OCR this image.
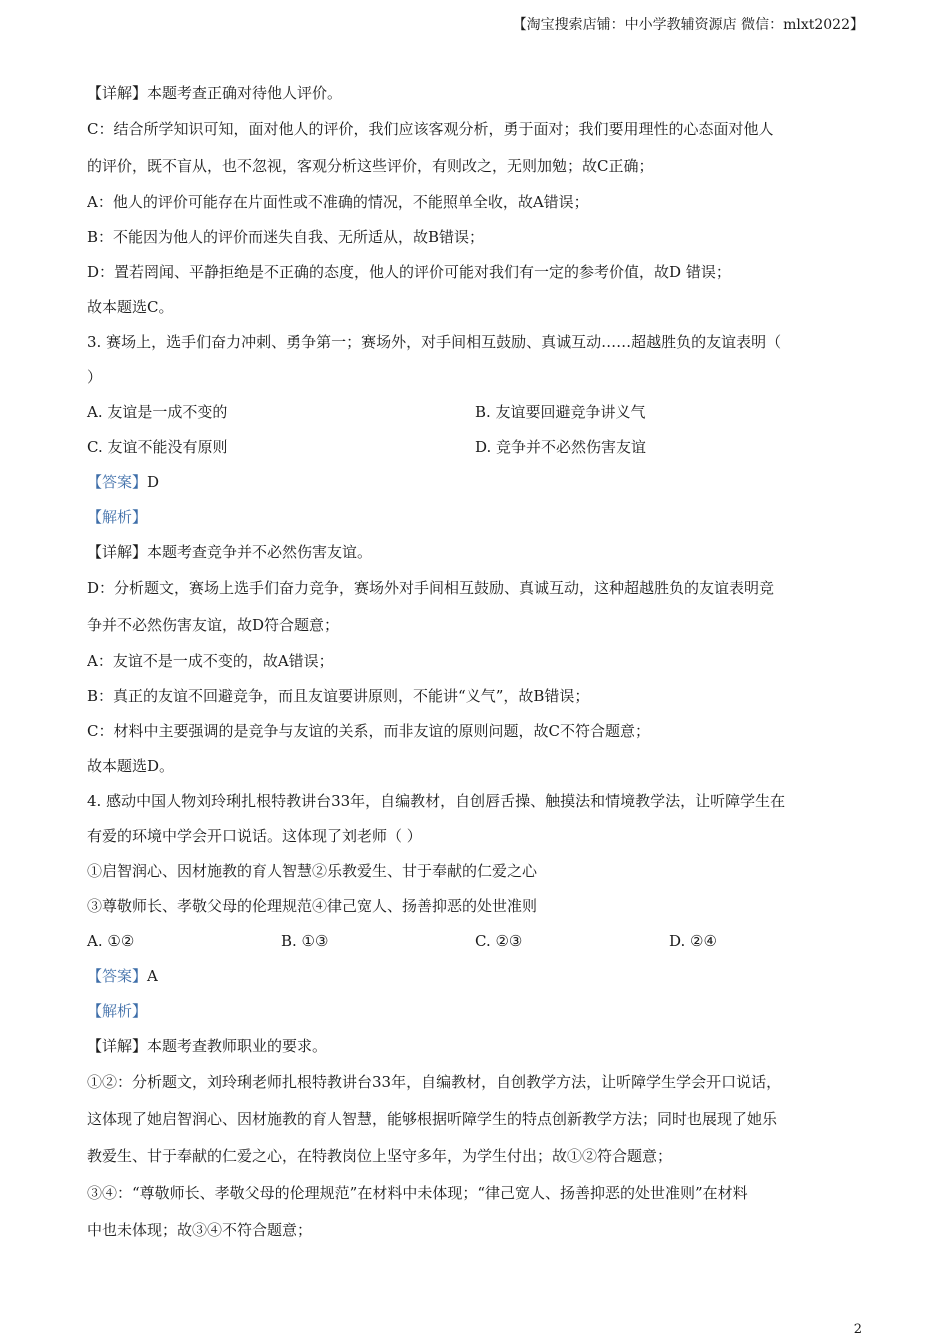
【淘宝搜索店铺：中小学教辅资源店 微信：mlxt2022】
【详解】本题考查正确对待他人评价。
C：结合所学知识可知，面对他人的评价，我们应该客观分析，勇于面对；我们要用理性的心态面对他人
的评价，既不盲从，也不忽视，客观分析这些评价，有则改之，无则加勉；故C正确；
A：他人的评价可能存在片面性或不准确的情况，不能照单全收，故A错误；
B：不能因为他人的评价而迷失自我、无所适从，故B错误；
D：置若罔闻、平静拒绝是不正确的态度，他人的评价可能对我们有一定的参考价值，故D 错误；
故本题选C。
3. 赛场上，选手们奋力冲刺、勇争第一；赛场外，对手间相互鼓励、真诚互动……超越胜负的友谊表明（
）
A. 友谊是一成不变的	B. 友谊要回避竞争讲义气
C. 友谊不能没有原则	D. 竞争并不必然伤害友谊
【答案】D
【解析】
【详解】本题考查竞争并不必然伤害友谊。
D：分析题文，赛场上选手们奋力竞争，赛场外对手间相互鼓励、真诚互动，这种超越胜负的友谊表明竞
争并不必然伤害友谊，故D符合题意；
A：友谊不是一成不变的，故A错误；
B：真正的友谊不回避竞争，而且友谊要讲原则，不能讲“义气”，故B错误；
C：材料中主要强调的是竞争与友谊的关系，而非友谊的原则问题，故C不符合题意；
故本题选D。
4. 感动中国人物刘玲琍扎根特教讲台33年，自编教材，自创唇舌操、触摸法和情境教学法，让听障学生在
有爱的环境中学会开口说话。这体现了刘老师（ ）
①启智润心、因材施教的育人智慧②乐教爱生、甘于奉献的仁爱之心
③尊敬师长、孝敬父母的伦理规范④律己宽人、扬善抑恶的处世准则
A. ①②	B. ①③	C. ②③	D. ②④
【答案】A
【解析】
【详解】本题考查教师职业的要求。
①②：分析题文，刘玲琍老师扎根特教讲台33年，自编教材，自创教学方法，让听障学生学会开口说话，
这体现了她启智润心、因材施教的育人智慧，能够根据听障学生的特点创新教学方法；同时也展现了她乐
教爱生、甘于奉献的仁爱之心，在特教岗位上坚守多年，为学生付出；故①②符合题意；
③④：“尊敬师长、孝敬父母的伦理规范”在材料中未体现；“律己宽人、扬善抑恶的处世准则”在材料
中也未体现；故③④不符合题意；
2
